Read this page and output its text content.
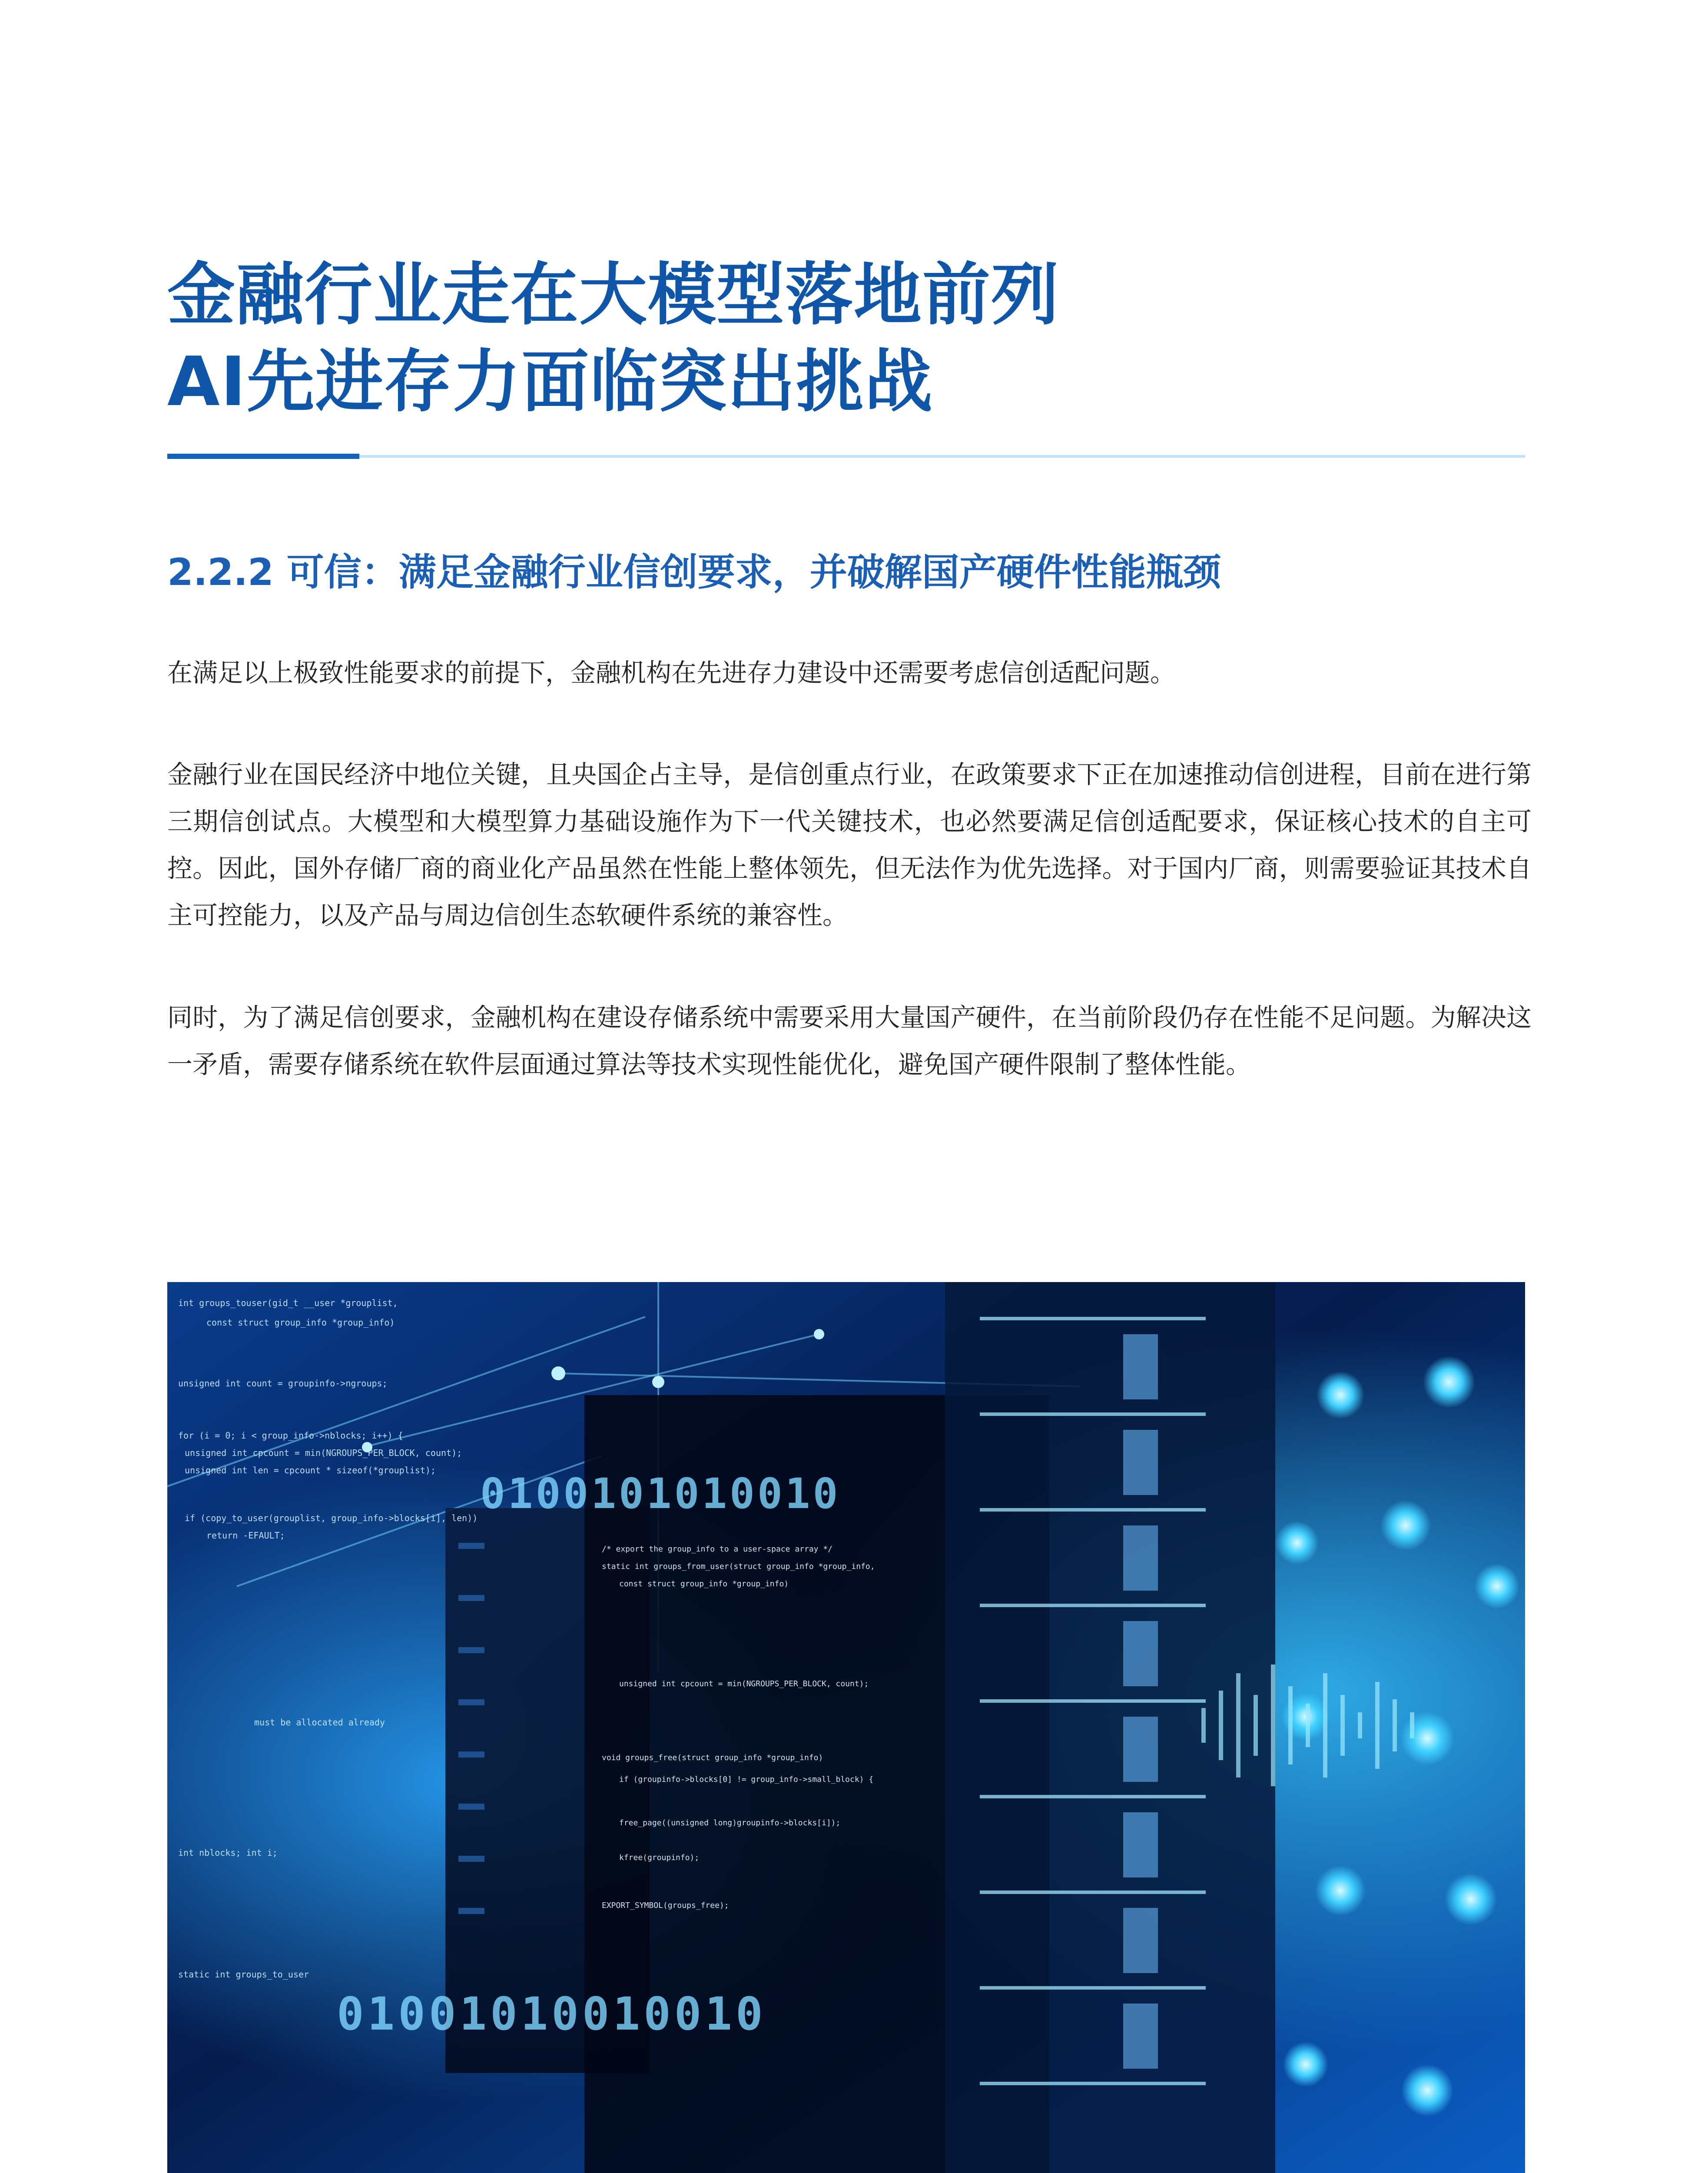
金融行业走在大模型落地前列
AI先进存力面临突出挑战
2.2.2 可信：满足金融行业信创要求，并破解国产硬件性能瓶颈

在满足以上极致性能要求的前提下，金融机构在先进存力建设中还需要考虑信创适配问题。

金融行业在国民经济中地位关键，且央国企占主导，是信创重点行业，在政策要求下正在加速推动信创进程，目前在进行第三期信创试点。大模型和大模型算力基础设施作为下一代关键技术，也必然要满足信创适配要求，保证核心技术的自主可控。因此，国外存储厂商的商业化产品虽然在性能上整体领先，但无法作为优先选择。对于国内厂商，则需要验证其技术自主可控能力，以及产品与周边信创生态软硬件系统的兼容性。

同时，为了满足信创要求，金融机构在建设存储系统中需要采用大量国产硬件，在当前阶段仍存在性能不足问题。为解决这一矛盾，需要存储系统在软件层面通过算法等技术实现性能优化，避免国产硬件限制了整体性能。

int groups_touser(gid_t __user *grouplist,
const struct group_info *group_info)
unsigned int count = groupinfo->ngroups;
for (i = 0; i < group_info->nblocks; i++) {
unsigned int cpcount = min(NGROUPS_PER_BLOCK, count);
unsigned int len = cpcount * sizeof(*grouplist);
if (copy_to_user(grouplist, group_info->blocks[i], len))
return -EFAULT;
must be allocated already
int nblocks; int i;
static int groups_to_user
/* export the group_info to a user-space array */
static int groups_from_user(struct group_info *group_info,
const struct group_info *group_info)
unsigned int cpcount = min(NGROUPS_PER_BLOCK, count);
void groups_free(struct group_info *group_info)
if (groupinfo->blocks[0] != group_info->small_block) {
free_page((unsigned long)groupinfo->blocks[i]);
kfree(groupinfo);
EXPORT_SYMBOL(groups_free);
0100101010010
01001010010010
